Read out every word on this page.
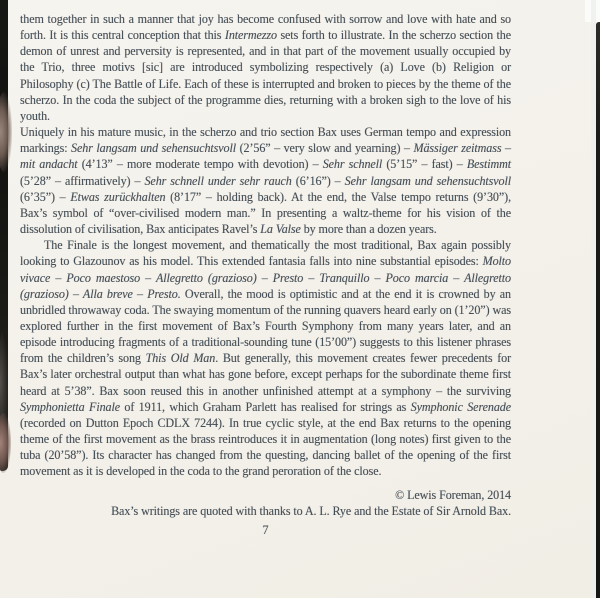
them together in such a manner that joy has become confused with sorrow and love with hate and so forth. It is this central conception that this Intermezzo sets forth to illustrate. In the scherzo section the demon of unrest and perversity is represented, and in that part of the movement usually occupied by the Trio, three motivs [sic] are introduced symbolizing respectively (a) Love (b) Religion or Philosophy (c) The Battle of Life. Each of these is interrupted and broken to pieces by the theme of the scherzo. In the coda the subject of the programme dies, returning with a broken sigh to the love of his youth.

Uniquely in his mature music, in the scherzo and trio section Bax uses German tempo and expression markings: Sehr langsam und sehensuchtsvoll (2’56” – very slow and yearning) – Mässiger zeitmass – mit andacht (4’13” – more moderate tempo with devotion) – Sehr schnell (5’15” – fast) – Bestimmt (5’28” – affirmatively) – Sehr schnell under sehr rauch (6’16”) – Sehr langsam und sehensuchtsvoll (6’35”) – Etwas zurückhalten (8’17” – holding back). At the end, the Valse tempo returns (9’30”), Bax’s symbol of “over-civilised modern man.” In presenting a waltz-theme for his vision of the dissolution of civilisation, Bax anticipates Ravel’s La Valse by more than a dozen years.

The Finale is the longest movement, and thematically the most traditional, Bax again possibly looking to Glazounov as his model. This extended fantasia falls into nine substantial episodes: Molto vivace – Poco maestoso – Allegretto (grazioso) – Presto – Tranquillo – Poco marcia – Allegretto (grazioso) – Alla breve – Presto. Overall, the mood is optimistic and at the end it is crowned by an unbridled throwaway coda. The swaying momentum of the running quavers heard early on (1’20”) was explored further in the first movement of Bax’s Fourth Symphony from many years later, and an episode introducing fragments of a traditional-sounding tune (15’00”) suggests to this listener phrases from the children’s song This Old Man. But generally, this movement creates fewer precedents for Bax’s later orchestral output than what has gone before, except perhaps for the subordinate theme first heard at 5’38”. Bax soon reused this in another unfinished attempt at a symphony – the surviving Symphonietta Finale of 1911, which Graham Parlett has realised for strings as Symphonic Serenade (recorded on Dutton Epoch CDLX 7244). In true cyclic style, at the end Bax returns to the opening theme of the first movement as the brass reintroduces it in augmentation (long notes) first given to the tuba (20’58”). Its character has changed from the questing, dancing ballet of the opening of the first movement as it is developed in the coda to the grand peroration of the close.

© Lewis Foreman, 2014
Bax’s writings are quoted with thanks to A. L. Rye and the Estate of Sir Arnold Bax.
7
